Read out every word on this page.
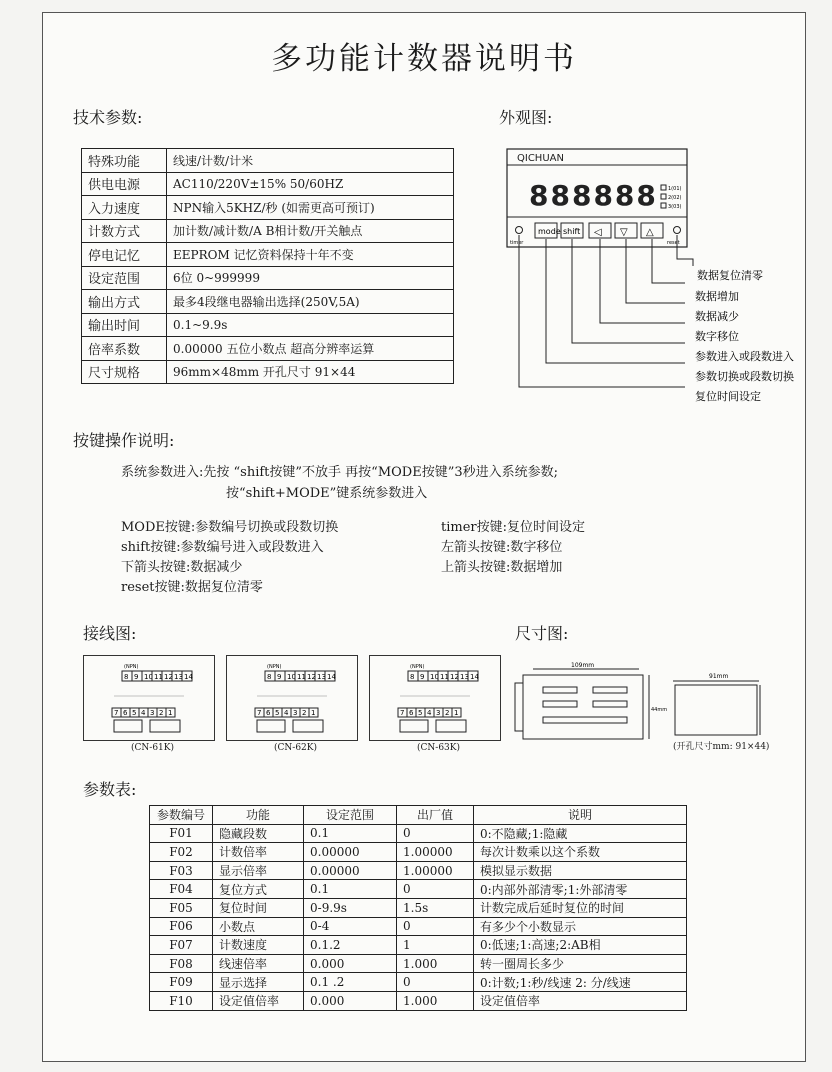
多功能计数器说明书
技术参数:
特殊功能	线速/计数/计米
供电电源	AC110/220V±15% 50/60HZ
入力速度	NPN输入5KHZ/秒 (如需更高可预订)
计数方式	加计数/减计数/A B相计数/开关触点
停电记忆	EEPROM 记忆资料保持十年不变
设定范围	6位 0~999999
输出方式	最多4段继电器输出选择(250V,5A)
输出时间	0.1~9.9s
倍率系数	0.00000 五位小数点 超高分辨率运算
尺寸规格	96mm×48mm 开孔尺寸 91×44
外观图:
QICHUAN
888888 1(01)
2(02)
3(03)
timer	reset
mode shift ◁ ▽ △
数据复位清零
数据增加
数据减少
数字移位
参数进入或段数进入
参数切换或段数切换
复位时间设定
按键操作说明:
系统参数进入:先按 “shift按键”不放手 再按“MODE按键”3秒进入系统参数;
按“shift+MODE”键系统参数进入
MODE按键:参数编号切换或段数切换	timer按键:复位时间设定
shift按键:参数编号进入或段数进入	左箭头按键:数字移位
下箭头按键:数据减少	上箭头按键:数据增加
reset按键:数据复位清零
接线图:	尺寸图:
(NPN)
8 9 10 11 12 13 14
7 6 5 4 3 2 1
(CN-61K)
(NPN)
8 9 10 11 12 13 14
7 6 5 4 3 2 1
(CN-62K)
(NPN)
8 9 10 11 12 13 14
7 6 5 4 3 2 1
(CN-63K)
109mm
44mm
91mm
(开孔尺寸mm: 91×44)
参数表:
参数编号	功能	设定范围	出厂值	说明
F01	隐藏段数	0.1	0	0:不隐藏;1:隐藏
F02	计数倍率	0.00000	1.00000	每次计数乘以这个系数
F03	显示倍率	0.00000	1.00000	模拟显示数据
F04	复位方式	0.1	0	0:内部外部清零;1:外部清零
F05	复位时间	0-9.9s	1.5s	计数完成后延时复位的时间
F06	小数点	0-4	0	有多少个小数显示
F07	计数速度	0.1.2	1	0:低速;1:高速;2:AB相
F08	线速倍率	0.000	1.000	转一圈周长多少
F09	显示选择	0.1 .2	0	0:计数;1:秒/线速 2: 分/线速
F10	设定值倍率	0.000	1.000	设定值倍率
